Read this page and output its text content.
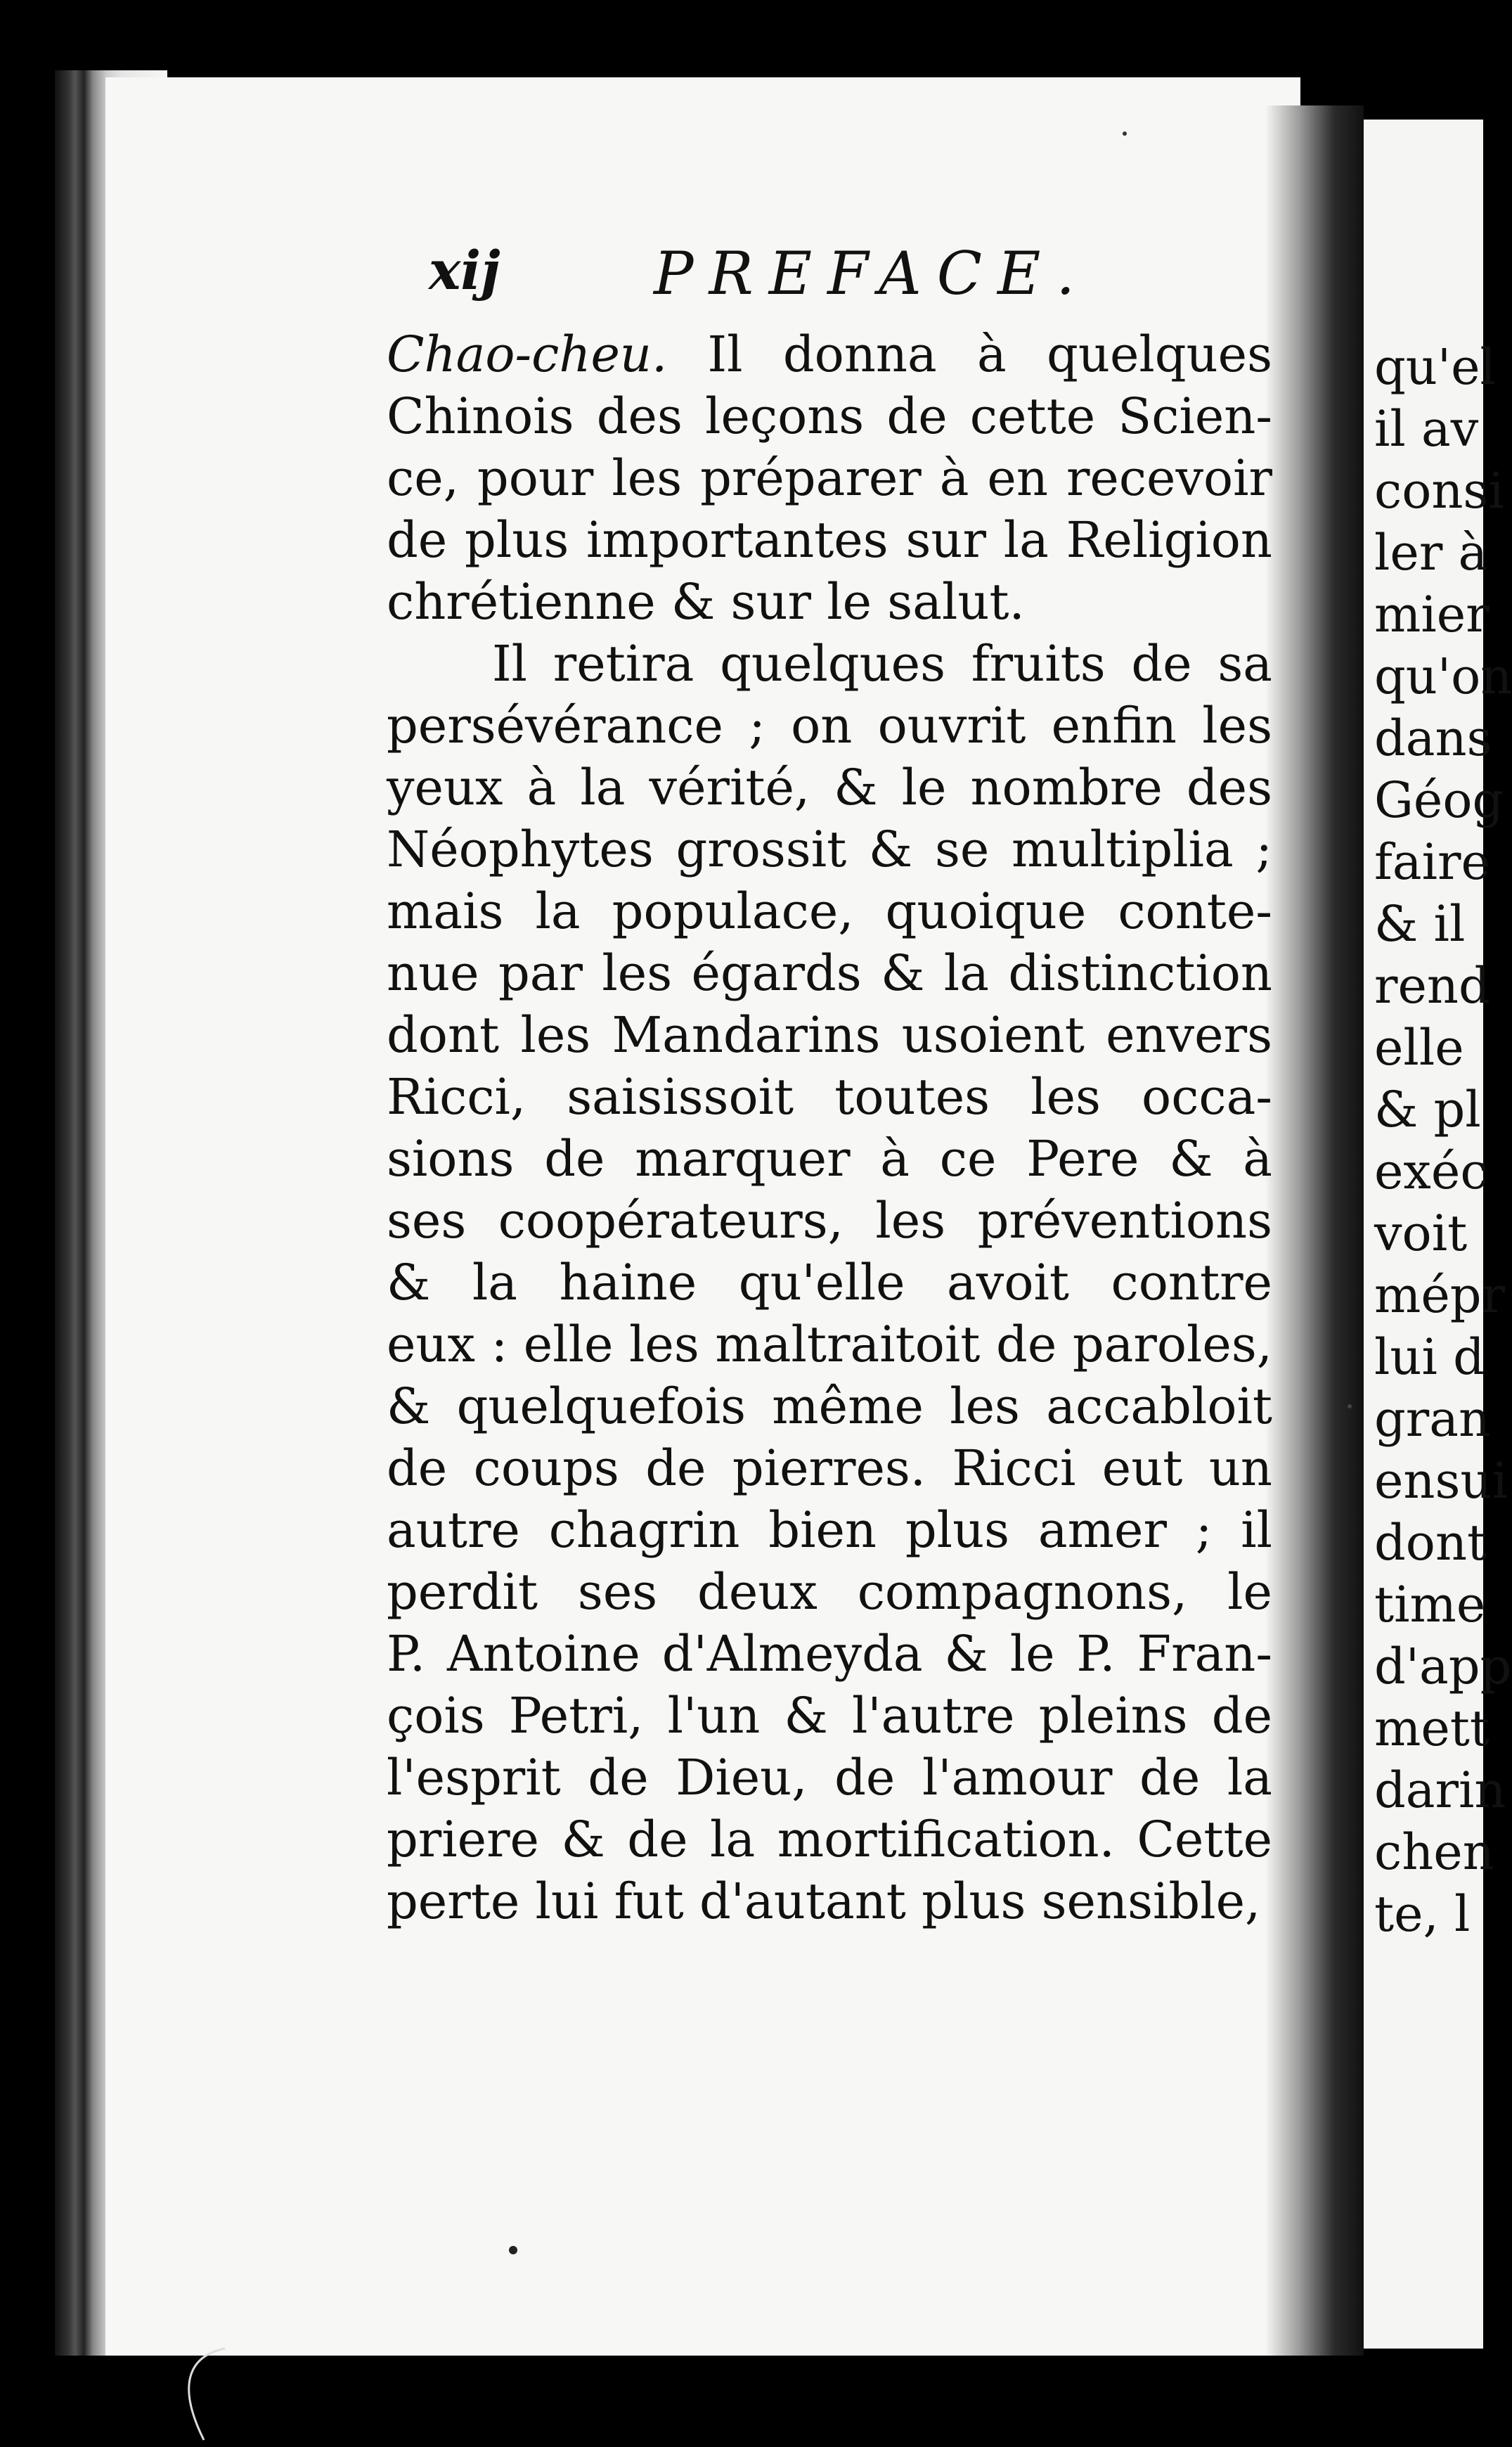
xij	PREFACE.
Chao-cheu. Il donna à quelques
Chinois des leçons de cette Scien-
ce, pour les préparer à en recevoir
de plus importantes sur la Religion
chrétienne & sur le salut.
Il retira quelques fruits de sa
persévérance ; on ouvrit enfin les
yeux à la vérité, & le nombre des
Néophytes grossit & se multiplia ;
mais la populace, quoique conte-
nue par les égards & la distinction
dont les Mandarins usoient envers
Ricci, saisissoit toutes les occa-
sions de marquer à ce Pere & à
ses coopérateurs, les préventions
& la haine qu'elle avoit contre
eux : elle les maltraitoit de paroles,
& quelquefois même les accabloit
de coups de pierres. Ricci eut un
autre chagrin bien plus amer ; il
perdit ses deux compagnons, le
P. Antoine d'Almeyda & le P. Fran-
çois Petri, l'un & l'autre pleins de
l'esprit de Dieu, de l'amour de la
priere & de la mortification. Cette
perte lui fut d'autant plus sensible,
qu'el
il av
consi
ler à
mier
qu'on
dans
Géog
faire
& il
rend
elle
& pl
exéc
voit
mépr
lui d
gran
ensui
dont
time
d'app
mett
darin
chen
te, l
